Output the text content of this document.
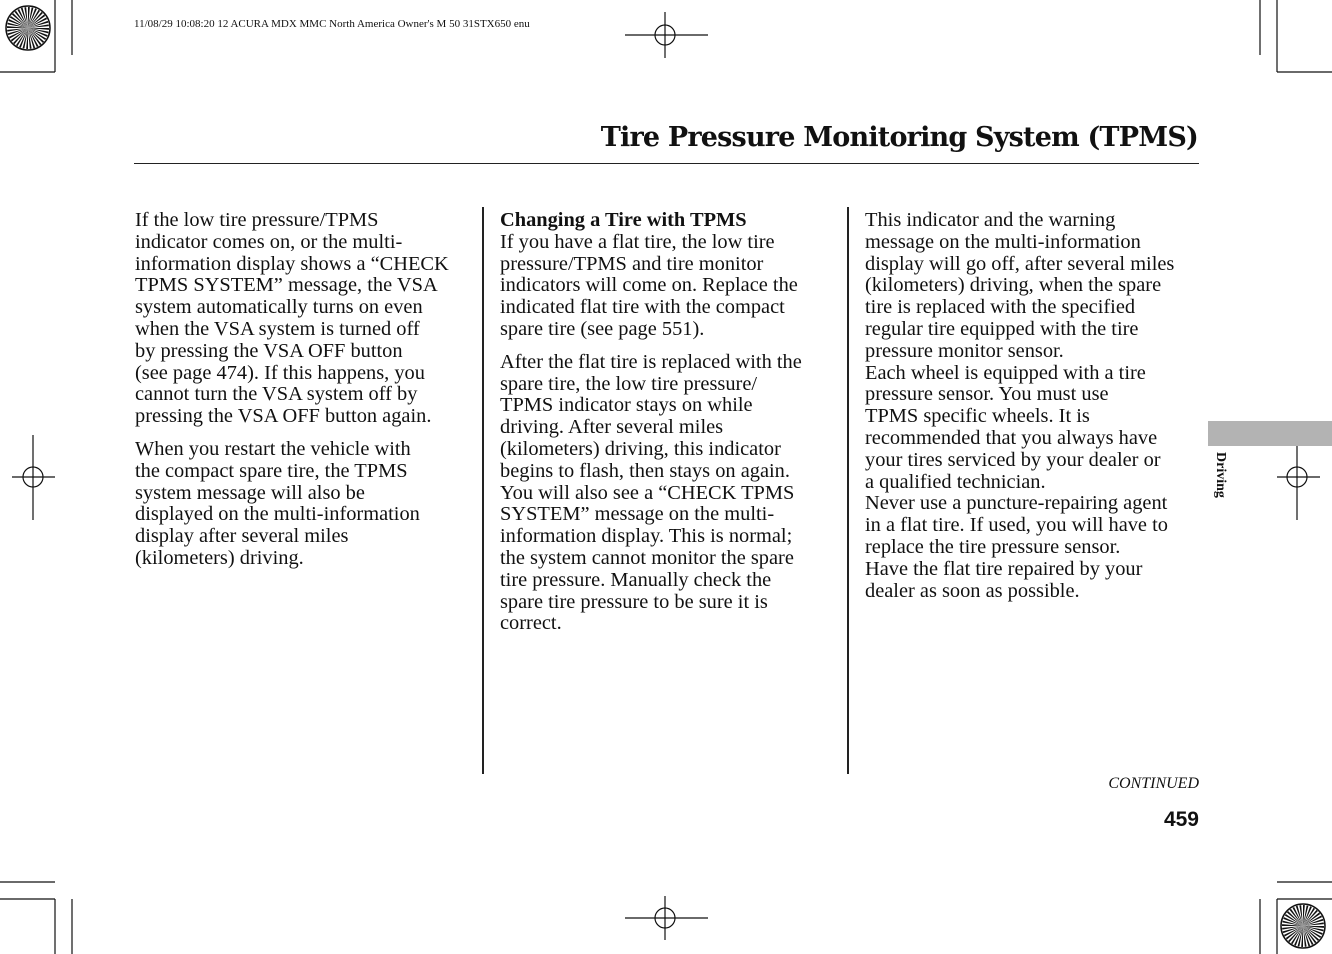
11/08/29 10:08:20 12 ACURA MDX MMC North America Owner's M 50 31STX650 enu
Tire Pressure Monitoring System (TPMS)

If the low tire pressure/TPMS
indicator comes on, or the multi-
information display shows a “CHECK
TPMS SYSTEM” message, the VSA
system automatically turns on even
when the VSA system is turned off
by pressing the VSA OFF button
(see page 474). If this happens, you
cannot turn the VSA system off by
pressing the VSA OFF button again.

When you restart the vehicle with
the compact spare tire, the TPMS
system message will also be
displayed on the multi-information
display after several miles
(kilometers) driving.

Changing a Tire with TPMS

If you have a flat tire, the low tire
pressure/TPMS and tire monitor
indicators will come on. Replace the
indicated flat tire with the compact
spare tire (see page 551).

After the flat tire is replaced with the
spare tire, the low tire pressure/
TPMS indicator stays on while
driving. After several miles
(kilometers) driving, this indicator
begins to flash, then stays on again.
You will also see a “CHECK TPMS
SYSTEM” message on the multi-
information display. This is normal;
the system cannot monitor the spare
tire pressure. Manually check the
spare tire pressure to be sure it is
correct.

This indicator and the warning
message on the multi-information
display will go off, after several miles
(kilometers) driving, when the spare
tire is replaced with the specified
regular tire equipped with the tire
pressure monitor sensor.

Each wheel is equipped with a tire
pressure sensor. You must use
TPMS specific wheels. It is
recommended that you always have
your tires serviced by your dealer or
a qualified technician.

Never use a puncture-repairing agent
in a flat tire. If used, you will have to
replace the tire pressure sensor.
Have the flat tire repaired by your
dealer as soon as possible.

Driving
CONTINUED
459
